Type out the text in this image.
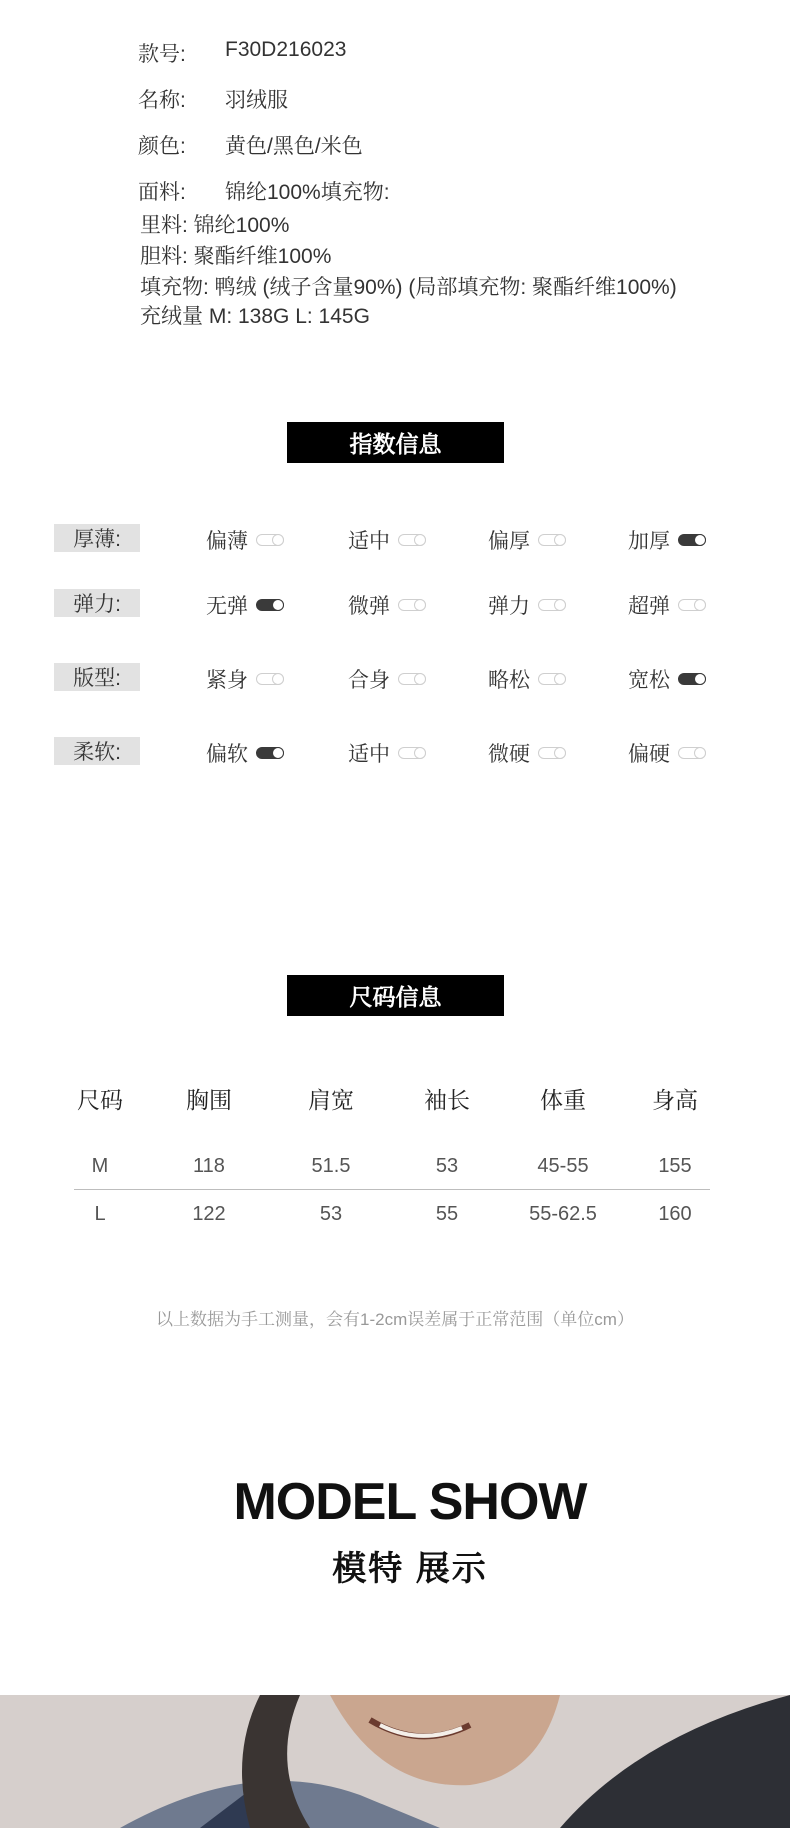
款号: F30D216023
名称: 羽绒服
颜色: 黄色/黑色/米色
面料: 锦纶100%填充物:
里料: 锦纶100%
胆料: 聚酯纤维100%
填充物: 鸭绒 (绒子含量90%) (局部填充物: 聚酯纤维100%)
充绒量 M: 138G L: 145G
指数信息
厚薄:	偏薄	适中	偏厚	加厚
弹力:	无弹	微弹	弹力	超弹
版型:	紧身	合身	略松	宽松
柔软:	偏软	适中	微硬	偏硬
尺码信息
尺码	胸围	肩宽	袖长	体重	身高
M	118	51.5	53	45-55	155
L	122	53	55	55-62.5	160
以上数据为手工测量，会有1-2cm误差属于正常范围（单位cm）
MODEL SHOW
模特 展示
